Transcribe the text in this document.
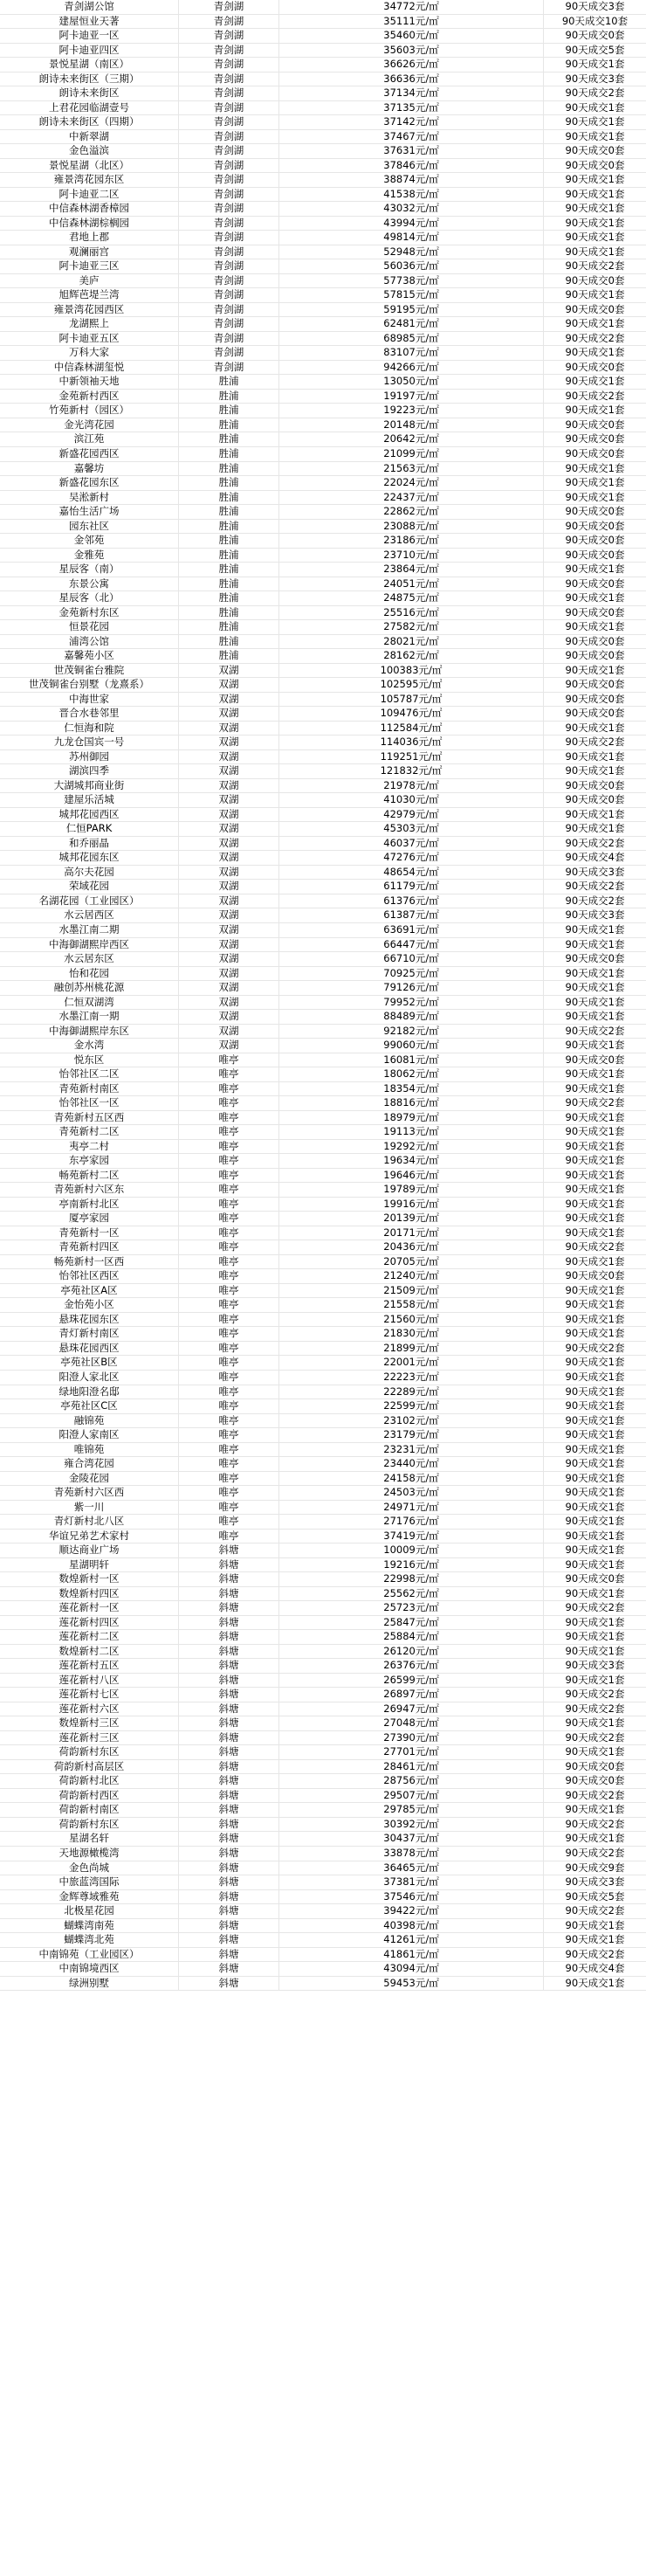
青剑湖公馆	青剑湖	34772元/㎡	90天成交3套
建屋恒业天著	青剑湖	35111元/㎡	90天成交10套
阿卡迪亚一区	青剑湖	35460元/㎡	90天成交0套
阿卡迪亚四区	青剑湖	35603元/㎡	90天成交5套
景悦星湖（南区）	青剑湖	36626元/㎡	90天成交1套
朗诗未来街区（三期）	青剑湖	36636元/㎡	90天成交3套
朗诗未来街区	青剑湖	37134元/㎡	90天成交2套
上君花园临湖壹号	青剑湖	37135元/㎡	90天成交1套
朗诗未来街区（四期）	青剑湖	37142元/㎡	90天成交1套
中新翠湖	青剑湖	37467元/㎡	90天成交1套
金色溢滨	青剑湖	37631元/㎡	90天成交0套
景悦星湖（北区）	青剑湖	37846元/㎡	90天成交0套
雍景湾花园东区	青剑湖	38874元/㎡	90天成交1套
阿卡迪亚二区	青剑湖	41538元/㎡	90天成交1套
中信森林湖香樟园	青剑湖	43032元/㎡	90天成交1套
中信森林湖棕榈园	青剑湖	43994元/㎡	90天成交1套
君地上郡	青剑湖	49814元/㎡	90天成交1套
观澜丽宫	青剑湖	52948元/㎡	90天成交1套
阿卡迪亚三区	青剑湖	56036元/㎡	90天成交2套
美庐	青剑湖	57738元/㎡	90天成交0套
旭辉芭堤兰湾	青剑湖	57815元/㎡	90天成交1套
雍景湾花园西区	青剑湖	59195元/㎡	90天成交0套
龙湖熙上	青剑湖	62481元/㎡	90天成交1套
阿卡迪亚五区	青剑湖	68985元/㎡	90天成交2套
万科大家	青剑湖	83107元/㎡	90天成交1套
中信森林湖玺悦	青剑湖	94266元/㎡	90天成交0套
中新领袖天地	胜浦	13050元/㎡	90天成交1套
金苑新村西区	胜浦	19197元/㎡	90天成交2套
竹苑新村（园区）	胜浦	19223元/㎡	90天成交1套
金光湾花园	胜浦	20148元/㎡	90天成交0套
滨江苑	胜浦	20642元/㎡	90天成交0套
新盛花园西区	胜浦	21099元/㎡	90天成交0套
嘉馨坊	胜浦	21563元/㎡	90天成交1套
新盛花园东区	胜浦	22024元/㎡	90天成交1套
吴淞新村	胜浦	22437元/㎡	90天成交1套
嘉怡生活广场	胜浦	22862元/㎡	90天成交0套
园东社区	胜浦	23088元/㎡	90天成交0套
金邻苑	胜浦	23186元/㎡	90天成交0套
金雅苑	胜浦	23710元/㎡	90天成交0套
星辰客（南）	胜浦	23864元/㎡	90天成交1套
东景公寓	胜浦	24051元/㎡	90天成交0套
星辰客（北）	胜浦	24875元/㎡	90天成交1套
金苑新村东区	胜浦	25516元/㎡	90天成交0套
恒景花园	胜浦	27582元/㎡	90天成交1套
浦湾公馆	胜浦	28021元/㎡	90天成交0套
嘉馨苑小区	胜浦	28162元/㎡	90天成交0套
世茂铜雀台雅院	双湖	100383元/㎡	90天成交1套
世茂铜雀台别墅（龙熹系）	双湖	102595元/㎡	90天成交0套
中海世家	双湖	105787元/㎡	90天成交0套
晋合水巷邻里	双湖	109476元/㎡	90天成交0套
仁恒海和院	双湖	112584元/㎡	90天成交1套
九龙仓国宾一号	双湖	114036元/㎡	90天成交2套
苏州御园	双湖	119251元/㎡	90天成交1套
湖滨四季	双湖	121832元/㎡	90天成交1套
大湖城邦商业街	双湖	21978元/㎡	90天成交0套
建屋乐活城	双湖	41030元/㎡	90天成交0套
城邦花园西区	双湖	42979元/㎡	90天成交1套
仁恒PARK	双湖	45303元/㎡	90天成交1套
和乔丽晶	双湖	46037元/㎡	90天成交2套
城邦花园东区	双湖	47276元/㎡	90天成交4套
高尔夫花园	双湖	48654元/㎡	90天成交3套
荣域花园	双湖	61179元/㎡	90天成交2套
名湖花园（工业园区）	双湖	61376元/㎡	90天成交2套
水云居西区	双湖	61387元/㎡	90天成交3套
水墨江南二期	双湖	63691元/㎡	90天成交1套
中海御湖熙岸西区	双湖	66447元/㎡	90天成交1套
水云居东区	双湖	66710元/㎡	90天成交0套
怡和花园	双湖	70925元/㎡	90天成交1套
融创苏州桃花源	双湖	79126元/㎡	90天成交1套
仁恒双湖湾	双湖	79952元/㎡	90天成交1套
水墨江南一期	双湖	88489元/㎡	90天成交1套
中海御湖熙岸东区	双湖	92182元/㎡	90天成交2套
金水湾	双湖	99060元/㎡	90天成交1套
悦东区	唯亭	16081元/㎡	90天成交0套
怡邻社区二区	唯亭	18062元/㎡	90天成交1套
青苑新村南区	唯亭	18354元/㎡	90天成交1套
怡邻社区一区	唯亭	18816元/㎡	90天成交2套
青苑新村五区西	唯亭	18979元/㎡	90天成交1套
青苑新村二区	唯亭	19113元/㎡	90天成交1套
夷亭二村	唯亭	19292元/㎡	90天成交1套
东亭家园	唯亭	19634元/㎡	90天成交1套
畅苑新村二区	唯亭	19646元/㎡	90天成交1套
青苑新村六区东	唯亭	19789元/㎡	90天成交1套
亭南新村北区	唯亭	19916元/㎡	90天成交1套
厦亭家园	唯亭	20139元/㎡	90天成交1套
青苑新村一区	唯亭	20171元/㎡	90天成交1套
青苑新村四区	唯亭	20436元/㎡	90天成交2套
畅苑新村一区西	唯亭	20705元/㎡	90天成交1套
怡邻社区西区	唯亭	21240元/㎡	90天成交0套
亭苑社区A区	唯亭	21509元/㎡	90天成交1套
金怡苑小区	唯亭	21558元/㎡	90天成交1套
悬珠花园东区	唯亭	21560元/㎡	90天成交1套
青灯新村南区	唯亭	21830元/㎡	90天成交1套
悬珠花园西区	唯亭	21899元/㎡	90天成交2套
亭苑社区B区	唯亭	22001元/㎡	90天成交1套
阳澄人家北区	唯亭	22223元/㎡	90天成交1套
绿地阳澄名邸	唯亭	22289元/㎡	90天成交1套
亭苑社区C区	唯亭	22599元/㎡	90天成交1套
融锦苑	唯亭	23102元/㎡	90天成交1套
阳澄人家南区	唯亭	23179元/㎡	90天成交1套
唯锦苑	唯亭	23231元/㎡	90天成交1套
雍合湾花园	唯亭	23440元/㎡	90天成交1套
金陵花园	唯亭	24158元/㎡	90天成交1套
青苑新村六区西	唯亭	24503元/㎡	90天成交1套
紫一川	唯亭	24971元/㎡	90天成交1套
青灯新村北八区	唯亭	27176元/㎡	90天成交1套
华谊兄弟艺术家村	唯亭	37419元/㎡	90天成交1套
顺达商业广场	斜塘	10009元/㎡	90天成交1套
星湖明轩	斜塘	19216元/㎡	90天成交1套
数煌新村一区	斜塘	22998元/㎡	90天成交0套
数煌新村四区	斜塘	25562元/㎡	90天成交1套
莲花新村一区	斜塘	25723元/㎡	90天成交2套
莲花新村四区	斜塘	25847元/㎡	90天成交1套
莲花新村二区	斜塘	25884元/㎡	90天成交1套
数煌新村二区	斜塘	26120元/㎡	90天成交1套
莲花新村五区	斜塘	26376元/㎡	90天成交3套
莲花新村八区	斜塘	26599元/㎡	90天成交1套
莲花新村七区	斜塘	26897元/㎡	90天成交2套
莲花新村六区	斜塘	26947元/㎡	90天成交2套
数煌新村三区	斜塘	27048元/㎡	90天成交1套
莲花新村三区	斜塘	27390元/㎡	90天成交2套
荷韵新村东区	斜塘	27701元/㎡	90天成交1套
荷韵新村高层区	斜塘	28461元/㎡	90天成交0套
荷韵新村北区	斜塘	28756元/㎡	90天成交0套
荷韵新村西区	斜塘	29507元/㎡	90天成交2套
荷韵新村南区	斜塘	29785元/㎡	90天成交1套
荷韵新村东区	斜塘	30392元/㎡	90天成交2套
星湖名轩	斜塘	30437元/㎡	90天成交1套
天地源橄榄湾	斜塘	33878元/㎡	90天成交2套
金色尚城	斜塘	36465元/㎡	90天成交9套
中旅蓝湾国际	斜塘	37381元/㎡	90天成交3套
金辉尊域雅苑	斜塘	37546元/㎡	90天成交5套
北极星花园	斜塘	39422元/㎡	90天成交2套
蝴蝶湾南苑	斜塘	40398元/㎡	90天成交1套
蝴蝶湾北苑	斜塘	41261元/㎡	90天成交1套
中南锦苑（工业园区）	斜塘	41861元/㎡	90天成交2套
中南锦境西区	斜塘	43094元/㎡	90天成交4套
绿洲别墅	斜塘	59453元/㎡	90天成交1套
